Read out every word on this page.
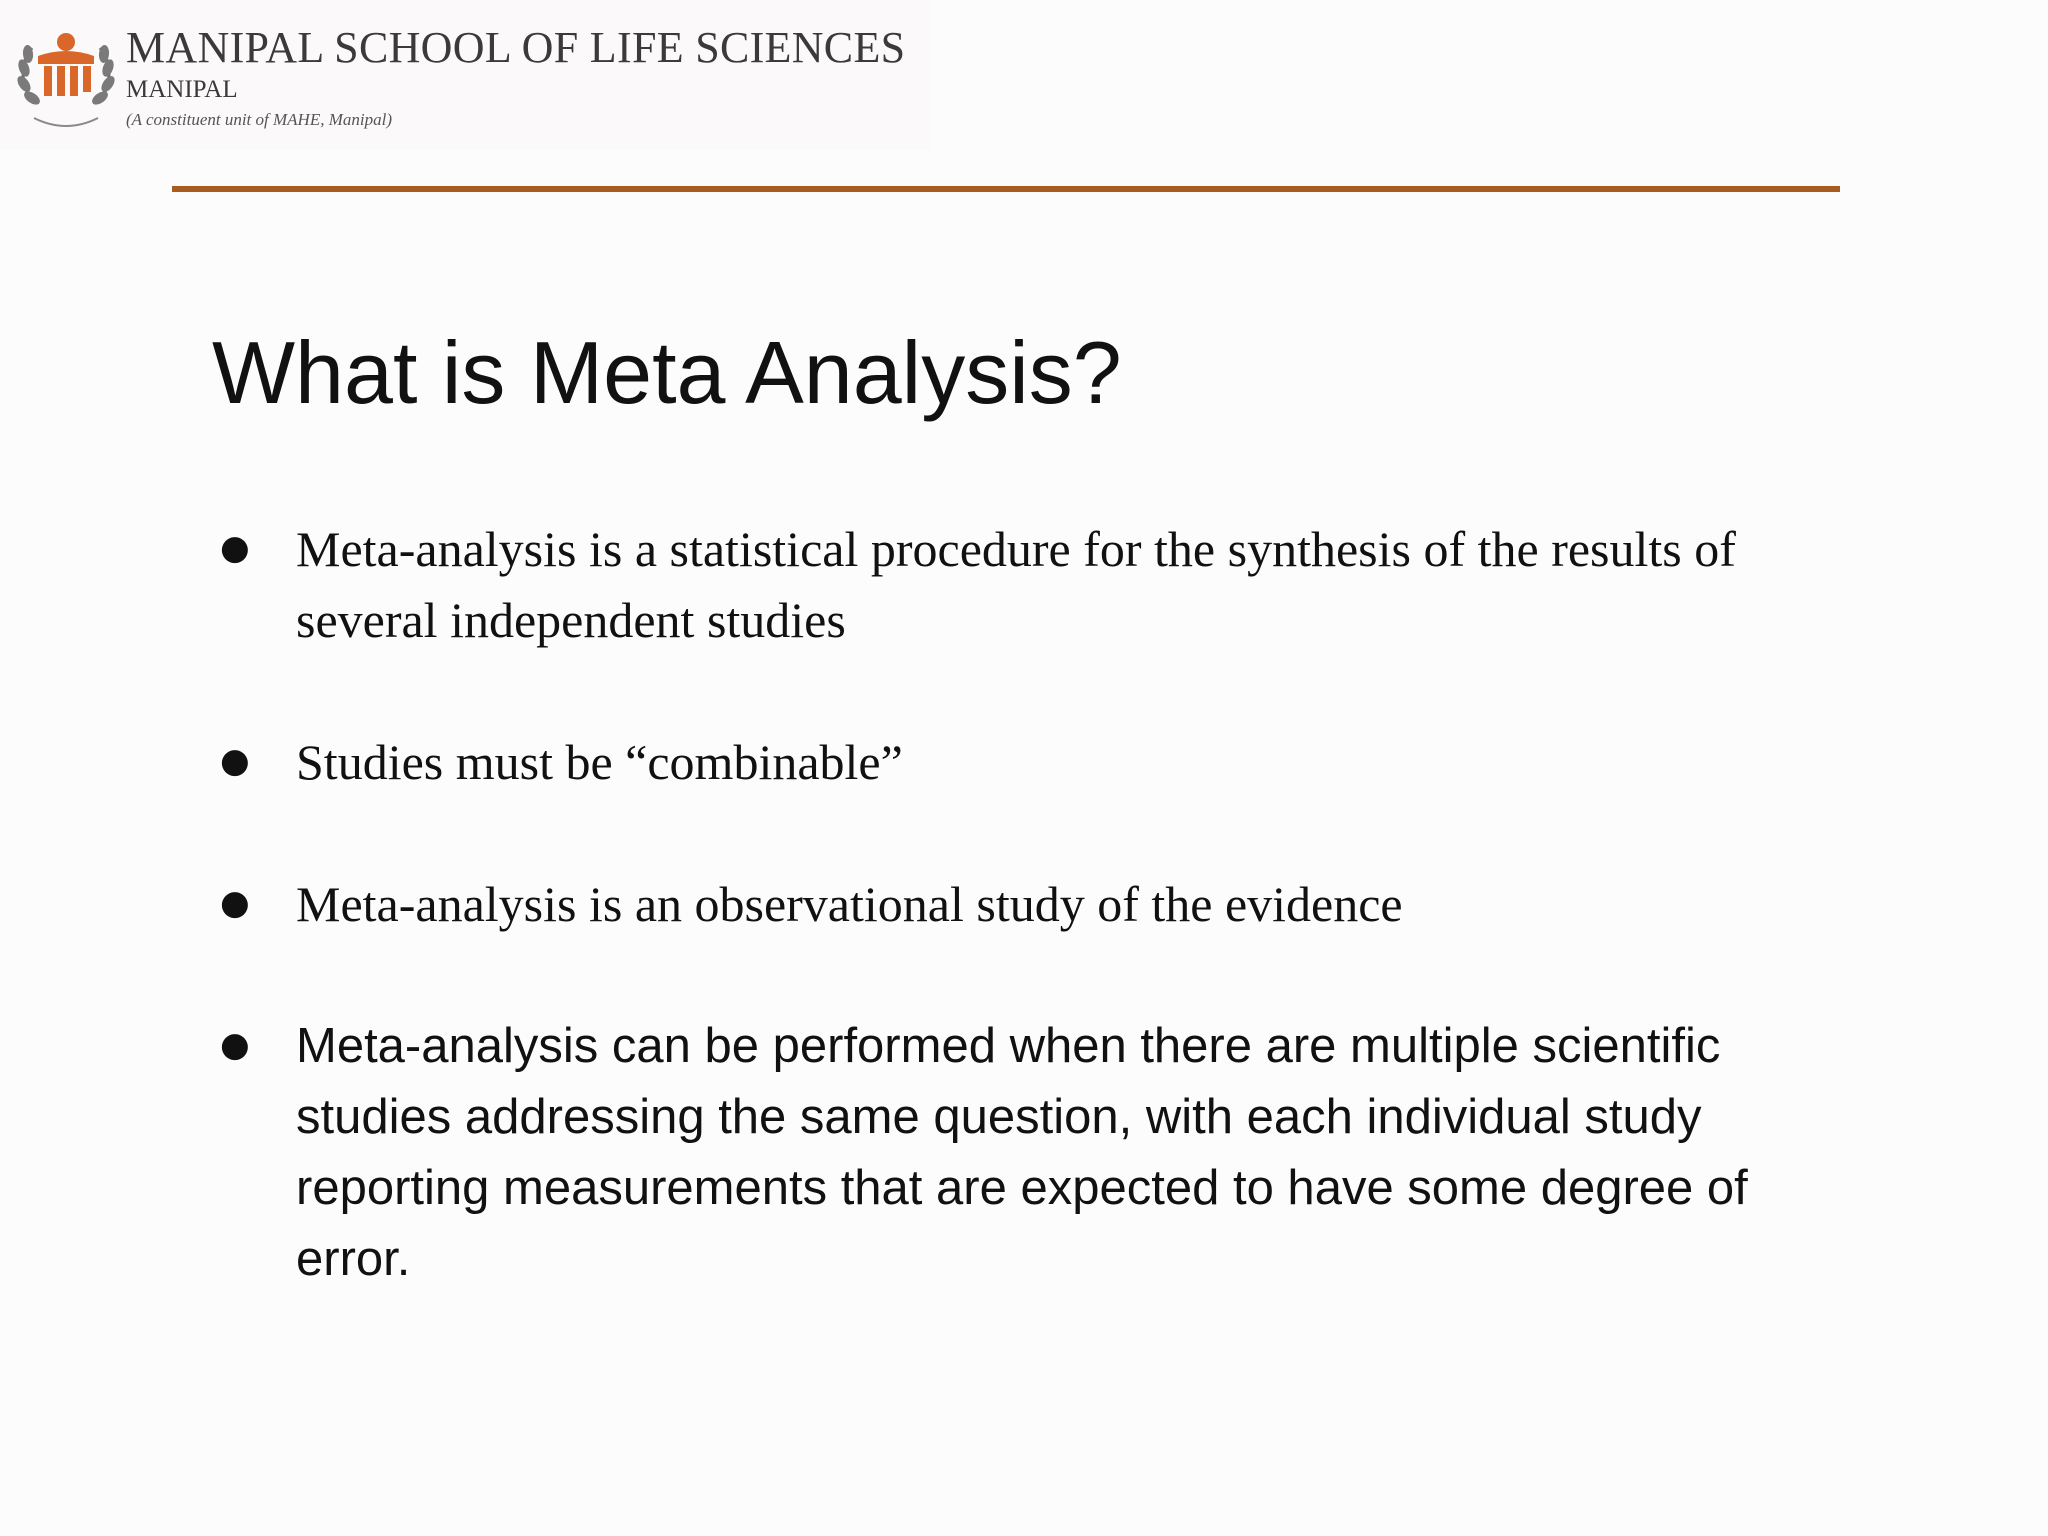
MANIPAL SCHOOL OF LIFE SCIENCES
MANIPAL
(A constituent unit of MAHE, Manipal)
What is Meta Analysis?
● Meta-analysis is a statistical procedure for the synthesis of the results of several independent studies
● Studies must be “combinable”
● Meta-analysis is an observational study of the evidence
● Meta-analysis can be performed when there are multiple scientific studies addressing the same question, with each individual study reporting measurements that are expected to have some degree of error.
